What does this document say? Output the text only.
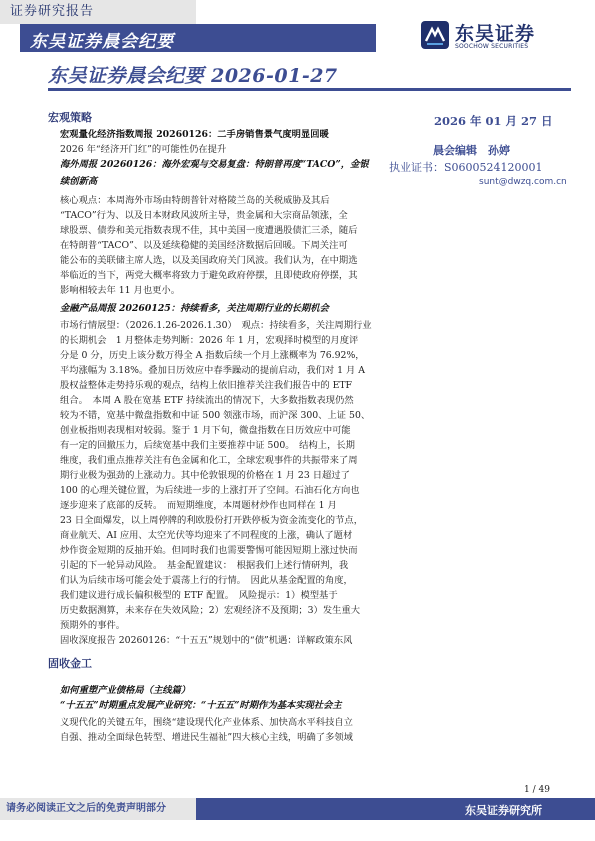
证券研究报告
东吴证券晨会纪要	东吴证券
SOOCHOW SECURITIES
东吴证券晨会纪要 2026-01-27
宏观策略	2026 年 01 月 27 日
晨会编辑　孙婷
执业证书：S0600524120001
sunt@dwzq.com.cn
宏观量化经济指数周报 20260126：二手房销售景气度明显回暖
2026 年“经济开门红”的可能性仍在提升
海外周报 20260126：海外宏观与交易复盘：特朗普再度“TACO”，金银
续创新高
核心观点：本周海外市场由特朗普针对格陵兰岛的关税威胁及其后
“TACO”行为、以及日本财政风波所主导，贵金属和大宗商品领涨，全
球股票、债券和美元指数表现不佳，其中美国一度遭遇股债汇三杀，随后
在特朗普“TACO”、以及延续稳健的美国经济数据后回暖。下周关注可
能公布的美联储主席人选，以及美国政府关门风波。我们认为，在中期选
举临近的当下，两党大概率将致力于避免政府停摆，且即使政府停摆，其
影响相较去年 11 月也更小。
金融产品周报 20260125：持续看多，关注周期行业的长期机会
市场行情展望：（2026.1.26-2026.1.30）　观点：持续看多，关注周期行业
的长期机会　1 月整体走势判断：2026 年 1 月，宏观择时模型的月度评
分是 0 分，历史上该分数万得全 A 指数后续一个月上涨概率为 76.92%，
平均涨幅为 3.18%。叠加日历效应中春季躁动的提前启动，我们对 1 月 A
股权益整体走势持乐观的观点，结构上依旧推荐关注我们报告中的 ETF
组合。　本周 A 股在宽基 ETF 持续流出的情况下，大多数指数表现仍然
较为不错，宽基中微盘指数和中证 500 领涨市场，而沪深 300、上证 50、
创业板指则表现相对较弱。鉴于 1 月下旬，微盘指数在日历效应中可能
有一定的回撤压力，后续宽基中我们主要推荐中证 500。　结构上，长期
维度，我们重点推荐关注有色金属和化工，全球宏观事件的共振带来了周
期行业极为强劲的上涨动力。其中伦敦银现的价格在 1 月 23 日超过了
100 的心理关键位置，为后续进一步的上涨打开了空间。石油石化方向也
逐步迎来了底部的反转。　而短期维度，本周题材炒作也同样在 1 月
23 日全面爆发，以上周停牌的利欧股份打开跌停板为资金流变化的节点，
商业航天、AI 应用、太空光伏等均迎来了不同程度的上涨，确认了题材
炒作资金短期的反抽开始。但同时我们也需要警惕可能因短期上涨过快而
引起的下一轮异动风险。　基金配置建议：　根据我们上述行情研判，我
们认为后续市场可能会处于震荡上行的行情。　因此从基金配置的角度，
我们建议进行成长偏积极型的 ETF 配置。　风险提示：1）模型基于
历史数据测算，未来存在失效风险；2）宏观经济不及预期；3）发生重大
预期外的事件。
固收深度报告 20260126：“十五五”规划中的“债”机遇：详解政策东风
固收金工
如何重塑产业债格局（主线篇）
“十五五”时期重点发展产业研究：“十五五”时期作为基本实现社会主
义现代化的关键五年，围绕“建设现代化产业体系、加快高水平科技自立
自强、推动全面绿色转型、增进民生福祉”四大核心主线，明确了多领域
1 / 49
请务必阅读正文之后的免责声明部分	东吴证券研究所
